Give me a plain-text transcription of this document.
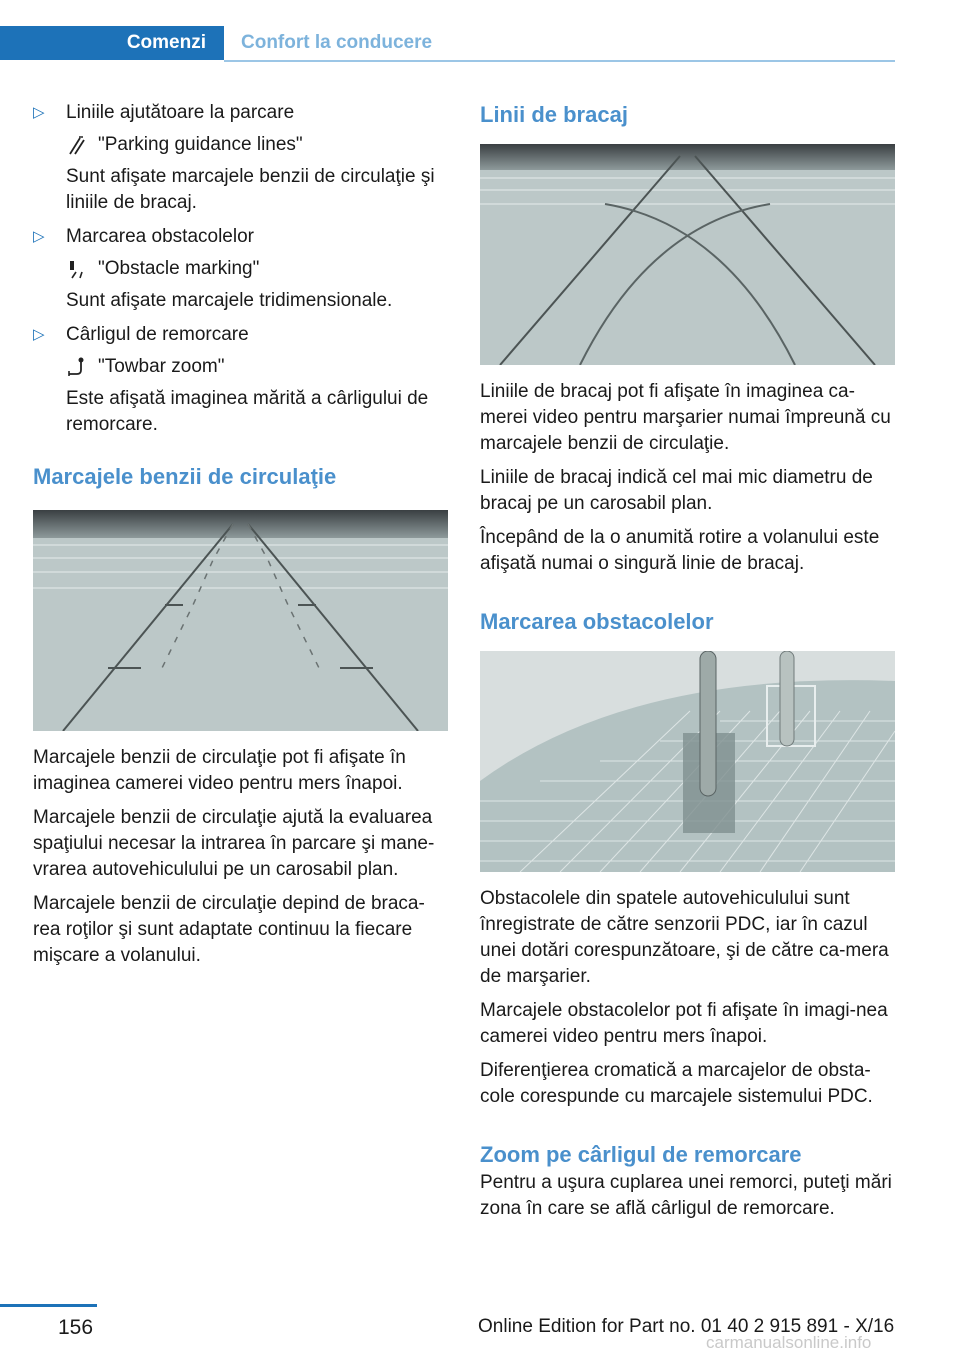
Comenzi	Confort la conducere
▷ Liniile ajutătoare la parcare

"Parking guidance lines"

Sunt afişate marcajele benzii de circulaţie şi liniile de bracaj.

▷ Marcarea obstacolelor

"Obstacle marking"

Sunt afişate marcajele tridimensionale.

▷ Cârligul de remorcare

"Towbar zoom"

Este afişată imaginea mărită a cârligului de remorcare.

Marcajele benzii de circulaţie

Marcajele benzii de circulaţie pot fi afişate în imaginea camerei video pentru mers înapoi.

Marcajele benzii de circulaţie ajută la evaluarea spaţiului necesar la intrarea în parcare şi mane-vrarea autovehiculului pe un carosabil plan.

Marcajele benzii de circulaţie depind de braca-rea roţilor şi sunt adaptate continuu la fiecare mişcare a volanului.

Linii de bracaj

Liniile de bracaj pot fi afişate în imaginea ca-merei video pentru marşarier numai împreună cu marcajele benzii de circulaţie.

Liniile de bracaj indică cel mai mic diametru de bracaj pe un carosabil plan.

Începând de la o anumită rotire a volanului este afişată numai o singură linie de bracaj.

Marcarea obstacolelor

Obstacolele din spatele autovehiculului sunt înregistrate de către senzorii PDC, iar în cazul unei dotări corespunzătoare, şi de către ca-mera de marşarier.

Marcajele obstacolelor pot fi afişate în imagi-nea camerei video pentru mers înapoi.

Diferenţierea cromatică a marcajelor de obsta-cole corespunde cu marcajele sistemului PDC.

Zoom pe cârligul de remorcare

Pentru a uşura cuplarea unei remorci, puteţi mări zona în care se află cârligul de remorcare.

156	Online Edition for Part no. 01 40 2 915 891 - X/16
carmanualsonline.info
